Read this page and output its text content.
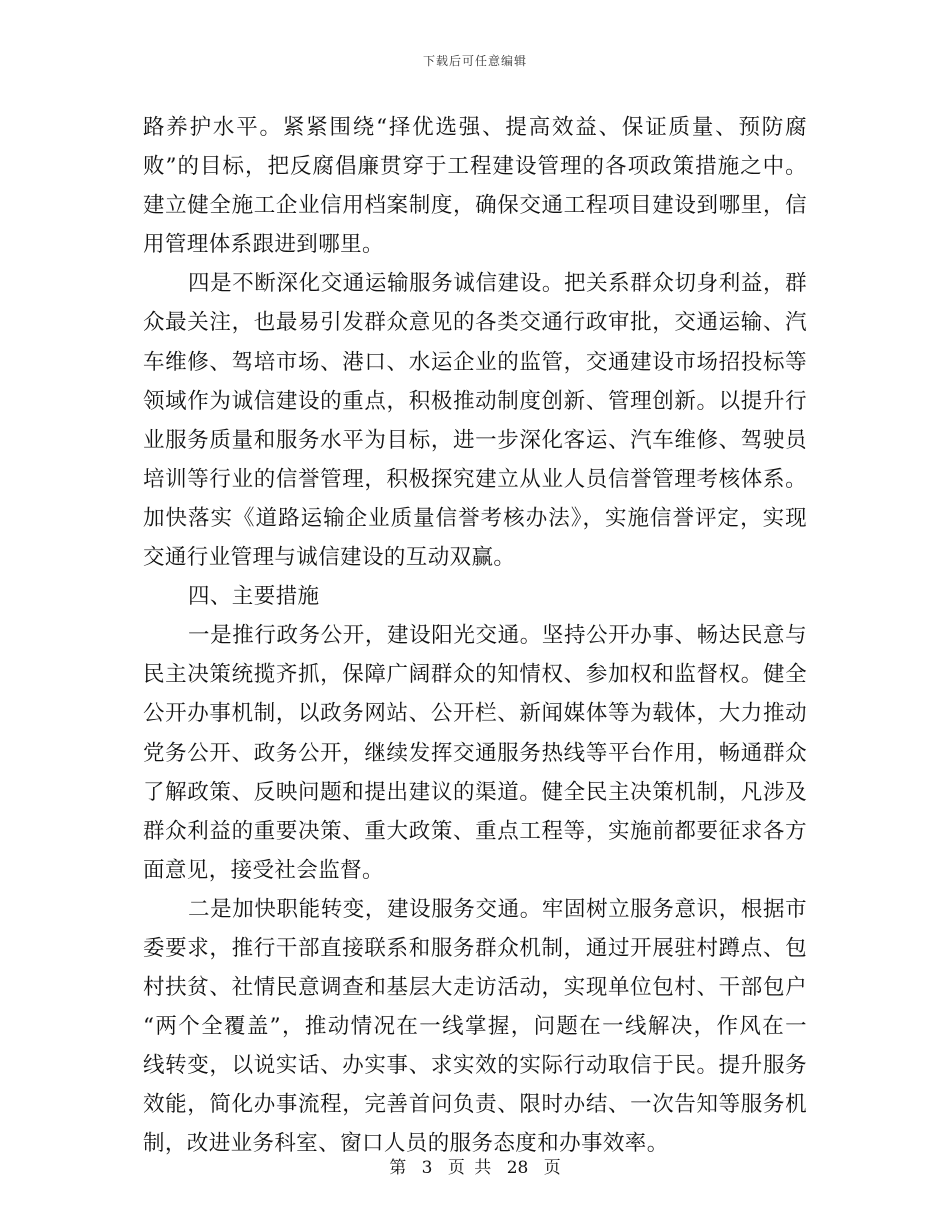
下载后可任意编辑
路养护水平。紧紧围绕“择优选强、提高效益、保证质量、预防腐
败”的目标，把反腐倡廉贯穿于工程建设管理的各项政策措施之中。
建立健全施工企业信用档案制度，确保交通工程项目建设到哪里，信
用管理体系跟进到哪里。
四是不断深化交通运输服务诚信建设。把关系群众切身利益，群
众最关注，也最易引发群众意见的各类交通行政审批，交通运输、汽
车维修、驾培市场、港口、水运企业的监管，交通建设市场招投标等
领域作为诚信建设的重点，积极推动制度创新、管理创新。以提升行
业服务质量和服务水平为目标，进一步深化客运、汽车维修、驾驶员
培训等行业的信誉管理，积极探究建立从业人员信誉管理考核体系。
加快落实《道路运输企业质量信誉考核办法》，实施信誉评定，实现
交通行业管理与诚信建设的互动双赢。
四、主要措施
一是推行政务公开，建设阳光交通。坚持公开办事、畅达民意与
民主决策统揽齐抓，保障广阔群众的知情权、参加权和监督权。健全
公开办事机制，以政务网站、公开栏、新闻媒体等为载体，大力推动
党务公开、政务公开，继续发挥交通服务热线等平台作用，畅通群众
了解政策、反映问题和提出建议的渠道。健全民主决策机制，凡涉及
群众利益的重要决策、重大政策、重点工程等，实施前都要征求各方
面意见，接受社会监督。
二是加快职能转变，建设服务交通。牢固树立服务意识，根据市
委要求，推行干部直接联系和服务群众机制，通过开展驻村蹲点、包
村扶贫、社情民意调查和基层大走访活动，实现单位包村、干部包户
“两个全覆盖”，推动情况在一线掌握，问题在一线解决，作风在一
线转变，以说实话、办实事、求实效的实际行动取信于民。提升服务
效能，简化办事流程，完善首问负责、限时办结、一次告知等服务机
制，改进业务科室、窗口人员的服务态度和办事效率。
第 3 页 共 28 页
